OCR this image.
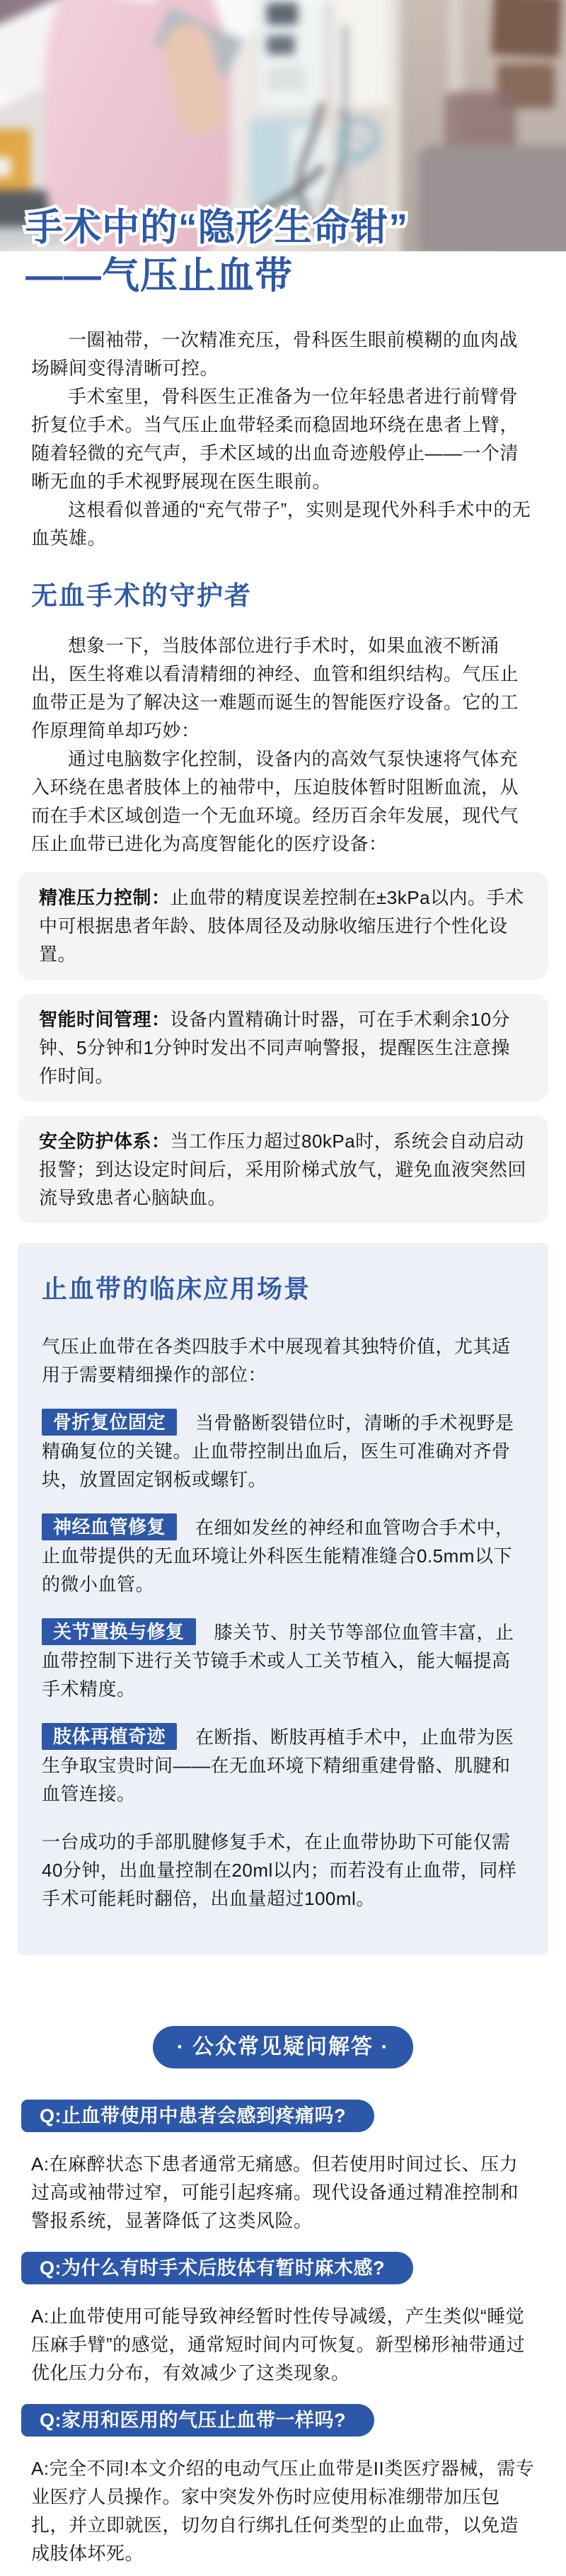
手术中的“隐形生命钳”
——气压止血带

一圈袖带，一次精准充压，骨科医生眼前模糊的血肉战场瞬间变得清晰可控。

手术室里，骨科医生正准备为一位年轻患者进行前臂骨折复位手术。当气压止血带轻柔而稳固地环绕在患者上臂，随着轻微的充气声，手术区域的出血奇迹般停止——一个清晰无血的手术视野展现在医生眼前。

这根看似普通的“充气带子”，实则是现代外科手术中的无血英雄。

无血手术的守护者

想象一下，当肢体部位进行手术时，如果血液不断涌出，医生将难以看清精细的神经、血管和组织结构。气压止血带正是为了解决这一难题而诞生的智能医疗设备。它的工作原理简单却巧妙：

通过电脑数字化控制，设备内的高效气泵快速将气体充入环绕在患者肢体上的袖带中，压迫肢体暂时阻断血流，从而在手术区域创造一个无血环境。经历百余年发展，现代气压止血带已进化为高度智能化的医疗设备：

精准压力控制：止血带的精度误差控制在±3kPa以内。手术中可根据患者年龄、肢体周径及动脉收缩压进行个性化设置。
智能时间管理：设备内置精确计时器，可在手术剩余10分钟、5分钟和1分钟时发出不同声响警报，提醒医生注意操作时间。
安全防护体系：当工作压力超过80kPa时，系统会自动启动报警；到达设定时间后，采用阶梯式放气，避免血液突然回流导致患者心脑缺血。
止血带的临床应用场景

气压止血带在各类四肢手术中展现着其独特价值，尤其适用于需要精细操作的部位：

骨折复位固定 当骨骼断裂错位时，清晰的手术视野是精确复位的关键。止血带控制出血后，医生可准确对齐骨块，放置固定钢板或螺钉。

神经血管修复 在细如发丝的神经和血管吻合手术中，止血带提供的无血环境让外科医生能精准缝合0.5mm以下的微小血管。

关节置换与修复 膝关节、肘关节等部位血管丰富，止血带控制下进行关节镜手术或人工关节植入，能大幅提高手术精度。

肢体再植奇迹 在断指、断肢再植手术中，止血带为医生争取宝贵时间——在无血环境下精细重建骨骼、肌腱和血管连接。

一台成功的手部肌腱修复手术，在止血带协助下可能仅需40分钟，出血量控制在20ml以内；而若没有止血带，同样手术可能耗时翻倍，出血量超过100ml。

· 公众常见疑问解答 ·
Q:止血带使用中患者会感到疼痛吗?

A:在麻醉状态下患者通常无痛感。但若使用时间过长、压力过高或袖带过窄，可能引起疼痛。现代设备通过精准控制和警报系统，显著降低了这类风险。

Q:为什么有时手术后肢体有暂时麻木感?

A:止血带使用可能导致神经暂时性传导减缓，产生类似“睡觉压麻手臂”的感觉，通常短时间内可恢复。新型梯形袖带通过优化压力分布，有效减少了这类现象。

Q:家用和医用的气压止血带一样吗?

A:完全不同!本文介绍的电动气压止血带是II类医疗器械，需专业医疗人员操作。家中突发外伤时应使用标准绷带加压包扎，并立即就医，切勿自行绑扎任何类型的止血带，以免造成肢体坏死。
